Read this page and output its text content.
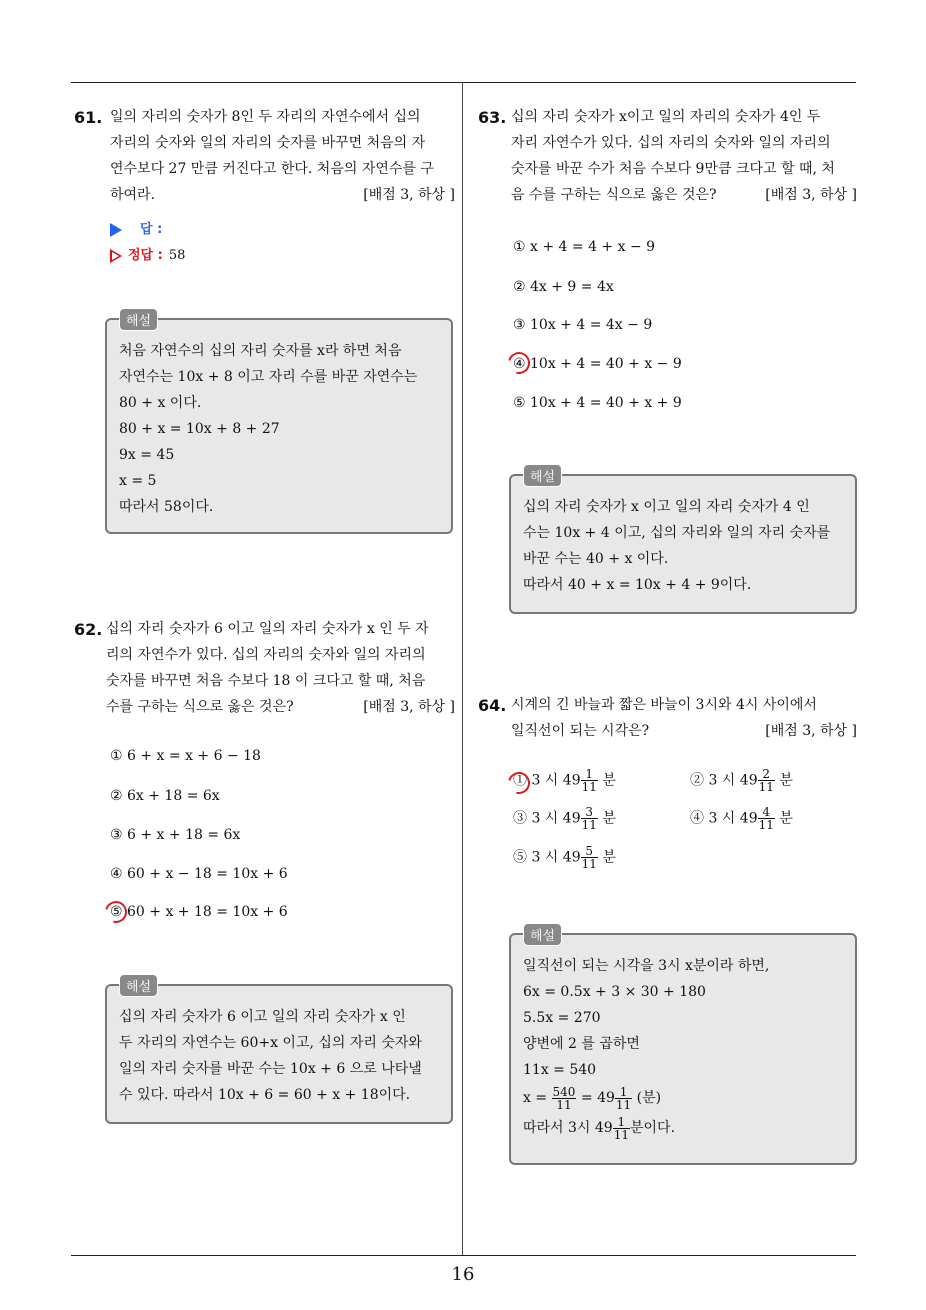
61. 일의 자리의 숫자가 8인 두 자리의 자연수에서 십의
자리의 숫자와 일의 자리의 숫자를 바꾸면 처음의 자
연수보다 27 만큼 커진다고 한다. 처음의 자연수를 구
하여라.	[배점 3, 하상 ]
답 :
정답 : 58
해설
처음 자연수의 십의 자리 숫자를 x라 하면 처음
자연수는 10x + 8 이고 자리 수를 바꾼 자연수는
80 + x 이다.
80 + x = 10x + 8 + 27
9x = 45
x = 5
따라서 58이다.
62. 십의 자리 숫자가 6 이고 일의 자리 숫자가 x 인 두 자
리의 자연수가 있다. 십의 자리의 숫자와 일의 자리의
숫자를 바꾸면 처음 수보다 18 이 크다고 할 때, 처음
수를 구하는 식으로 옳은 것은?	[배점 3, 하상 ]
① 6 + x = x + 6 − 18
② 6x + 18 = 6x
③ 6 + x + 18 = 6x
④ 60 + x − 18 = 10x + 6
⑤ 60 + x + 18 = 10x + 6
해설
십의 자리 숫자가 6 이고 일의 자리 숫자가 x 인
두 자리의 자연수는 60+x 이고, 십의 자리 숫자와
일의 자리 숫자를 바꾼 수는 10x + 6 으로 나타낼
수 있다. 따라서 10x + 6 = 60 + x + 18이다.
63. 십의 자리 숫자가 x이고 일의 자리의 숫자가 4인 두
자리 자연수가 있다. 십의 자리의 숫자와 일의 자리의
숫자를 바꾼 수가 처음 수보다 9만큼 크다고 할 때, 처
음 수를 구하는 식으로 옳은 것은?	[배점 3, 하상 ]
① x + 4 = 4 + x − 9
② 4x + 9 = 4x
③ 10x + 4 = 4x − 9
④ 10x + 4 = 40 + x − 9
⑤ 10x + 4 = 40 + x + 9
해설
십의 자리 숫자가 x 이고 일의 자리 숫자가 4 인
수는 10x + 4 이고, 십의 자리와 일의 자리 숫자를
바꾼 수는 40 + x 이다.
따라서 40 + x = 10x + 4 + 9이다.
64. 시계의 긴 바늘과 짧은 바늘이 3시와 4시 사이에서
일직선이 되는 시각은?	[배점 3, 하상 ]
① 3 시 $49 \frac{1}{11}$ 분	② 3 시 $49 \frac{2}{11}$ 분
③ 3 시 $49 \frac{3}{11}$ 분	④ 3 시 $49 \frac{4}{11}$ 분
⑤ 3 시 $49 \frac{5}{11}$ 분
해설
일직선이 되는 시각을 3시 x분이라 하면,
6x = 0.5x + 3 × 30 + 180
5.5x = 270
양변에 2 를 곱하면
11x = 540
$x = \frac{540}{11} = 49 \frac{1}{11}$ (분)
따라서 3시 $49 \frac{1}{11}$ 분이다.
16
